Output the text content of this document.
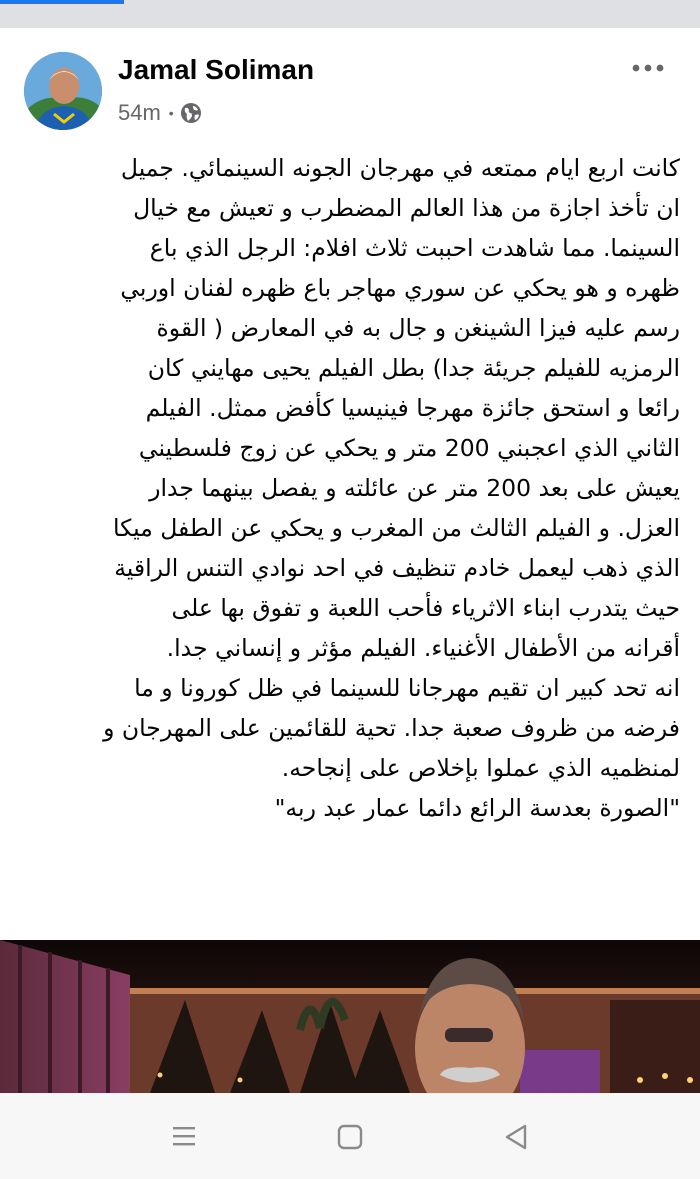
Jamal Soliman
54m •
كانت اربع ايام ممتعه في مهرجان الجونه السينمائي. جميل
ان تأخذ اجازة من هذا العالم المضطرب و تعيش مع خيال
السينما. مما شاهدت احببت ثلاث افلام: الرجل الذي باع
ظهره و هو يحكي عن سوري مهاجر باع ظهره لفنان اوربي
رسم عليه فيزا الشينغن و جال به في المعارض ( القوة
الرمزيه للفيلم جريئة جدا) بطل الفيلم يحيى مهايني كان
رائعا و استحق جائزة مهرجا فينيسيا كأفض ممثل. الفيلم
الثاني الذي اعجبني 200 متر و يحكي عن زوج فلسطيني
يعيش على بعد 200 متر عن عائلته و يفصل بينهما جدار
العزل. و الفيلم الثالث من المغرب و يحكي عن الطفل ميكا
الذي ذهب ليعمل خادم تنظيف في احد نوادي التنس الراقية
حيث يتدرب ابناء الاثرياء فأحب اللعبة و تفوق بها على
أقرانه من الأطفال الأغنياء. الفيلم مؤثر و إنساني جدا.
انه تحد كبير ان تقيم مهرجانا للسينما في ظل كورونا و ما
فرضه من ظروف صعبة جدا. تحية للقائمين على المهرجان و
لمنظميه الذي عملوا بإخلاص على إنجاحه.
"الصورة بعدسة الرائع دائما عمار عبد ربه"
